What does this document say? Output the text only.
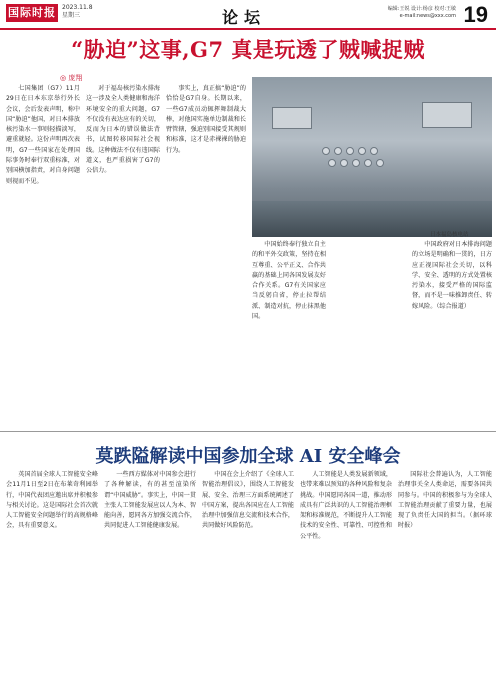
国际时报	2023.11.8
星期三	论坛	编辑:王锐 设计:杨彦 校对:王敏
e-mail:news@xxx.com 19
“胁迫”这事,G7 真是玩透了贼喊捉贼
◎ 庞翔

七国集团（G7）11月29日在日本东京举行外长会议，会后发表声明，称中国“胁迫”他国，对日本排放核污染水一事则轻描淡写，避重就轻。这份声明再次表明，G7一些国家在处理国际事务时奉行双重标准，对别国横加指责，对自身问题则视而不见。

对于福岛核污染水排海这一涉及全人类健康和海洋环境安全的重大问题，G7不仅没有表达应有的关切，反而为日本的错误做法背书，试图转移国际社会视线。这种做法不仅有违国际道义，也严重损害了G7的公信力。

事实上，真正搞“胁迫”的恰恰是G7自身。长期以来，一些G7成员动辄挥舞制裁大棒，对他国实施单边制裁和长臂管辖，强迫别国接受其规则和标准，这才是赤裸裸的胁迫行为。

日本福岛核电站

中国始终奉行独立自主的和平外交政策，坚持在相互尊重、公平正义、合作共赢的基础上同各国发展友好合作关系。G7有关国家应当反躬自省，停止拉帮结派、制造对抗，停止抹黑他国。

中国政府对日本排海问题的立场是明确和一贯的，日方应正视国际社会关切，以科学、安全、透明的方式处置核污染水，接受严格的国际监督，而不是一味推卸责任、转嫁风险。（综合报道）

莫跌隘解读中国参加全球 AI 安全峰会

英国首届全球人工智能安全峰会11月1日至2日在布莱奇利园举行，中国代表团应邀出席并积极参与相关讨论。这是国际社会首次就人工智能安全问题举行的高规格峰会，具有重要意义。

一些西方媒体对中国参会进行了各种解读，有的甚至渲染所谓“中国威胁”。事实上，中国一贯主张人工智能发展应以人为本、智能向善，愿同各方加强交流合作，共同促进人工智能健康发展。

中国在会上介绍了《全球人工智能治理倡议》，围绕人工智能发展、安全、治理三方面系统阐述了中国方案，提出各国应在人工智能治理中加强信息交流和技术合作，共同做好风险防范。

人工智能是人类发展新领域，也带来难以预知的各种风险和复杂挑战。中国愿同各国一道，推动形成具有广泛共识的人工智能治理框架和标准规范，不断提升人工智能技术的安全性、可靠性、可控性和公平性。

国际社会普遍认为，人工智能治理事关全人类命运，需要各国共同参与。中国的积极参与为全球人工智能治理贡献了重要力量，也展现了负责任大国的担当。（据环球时报）
